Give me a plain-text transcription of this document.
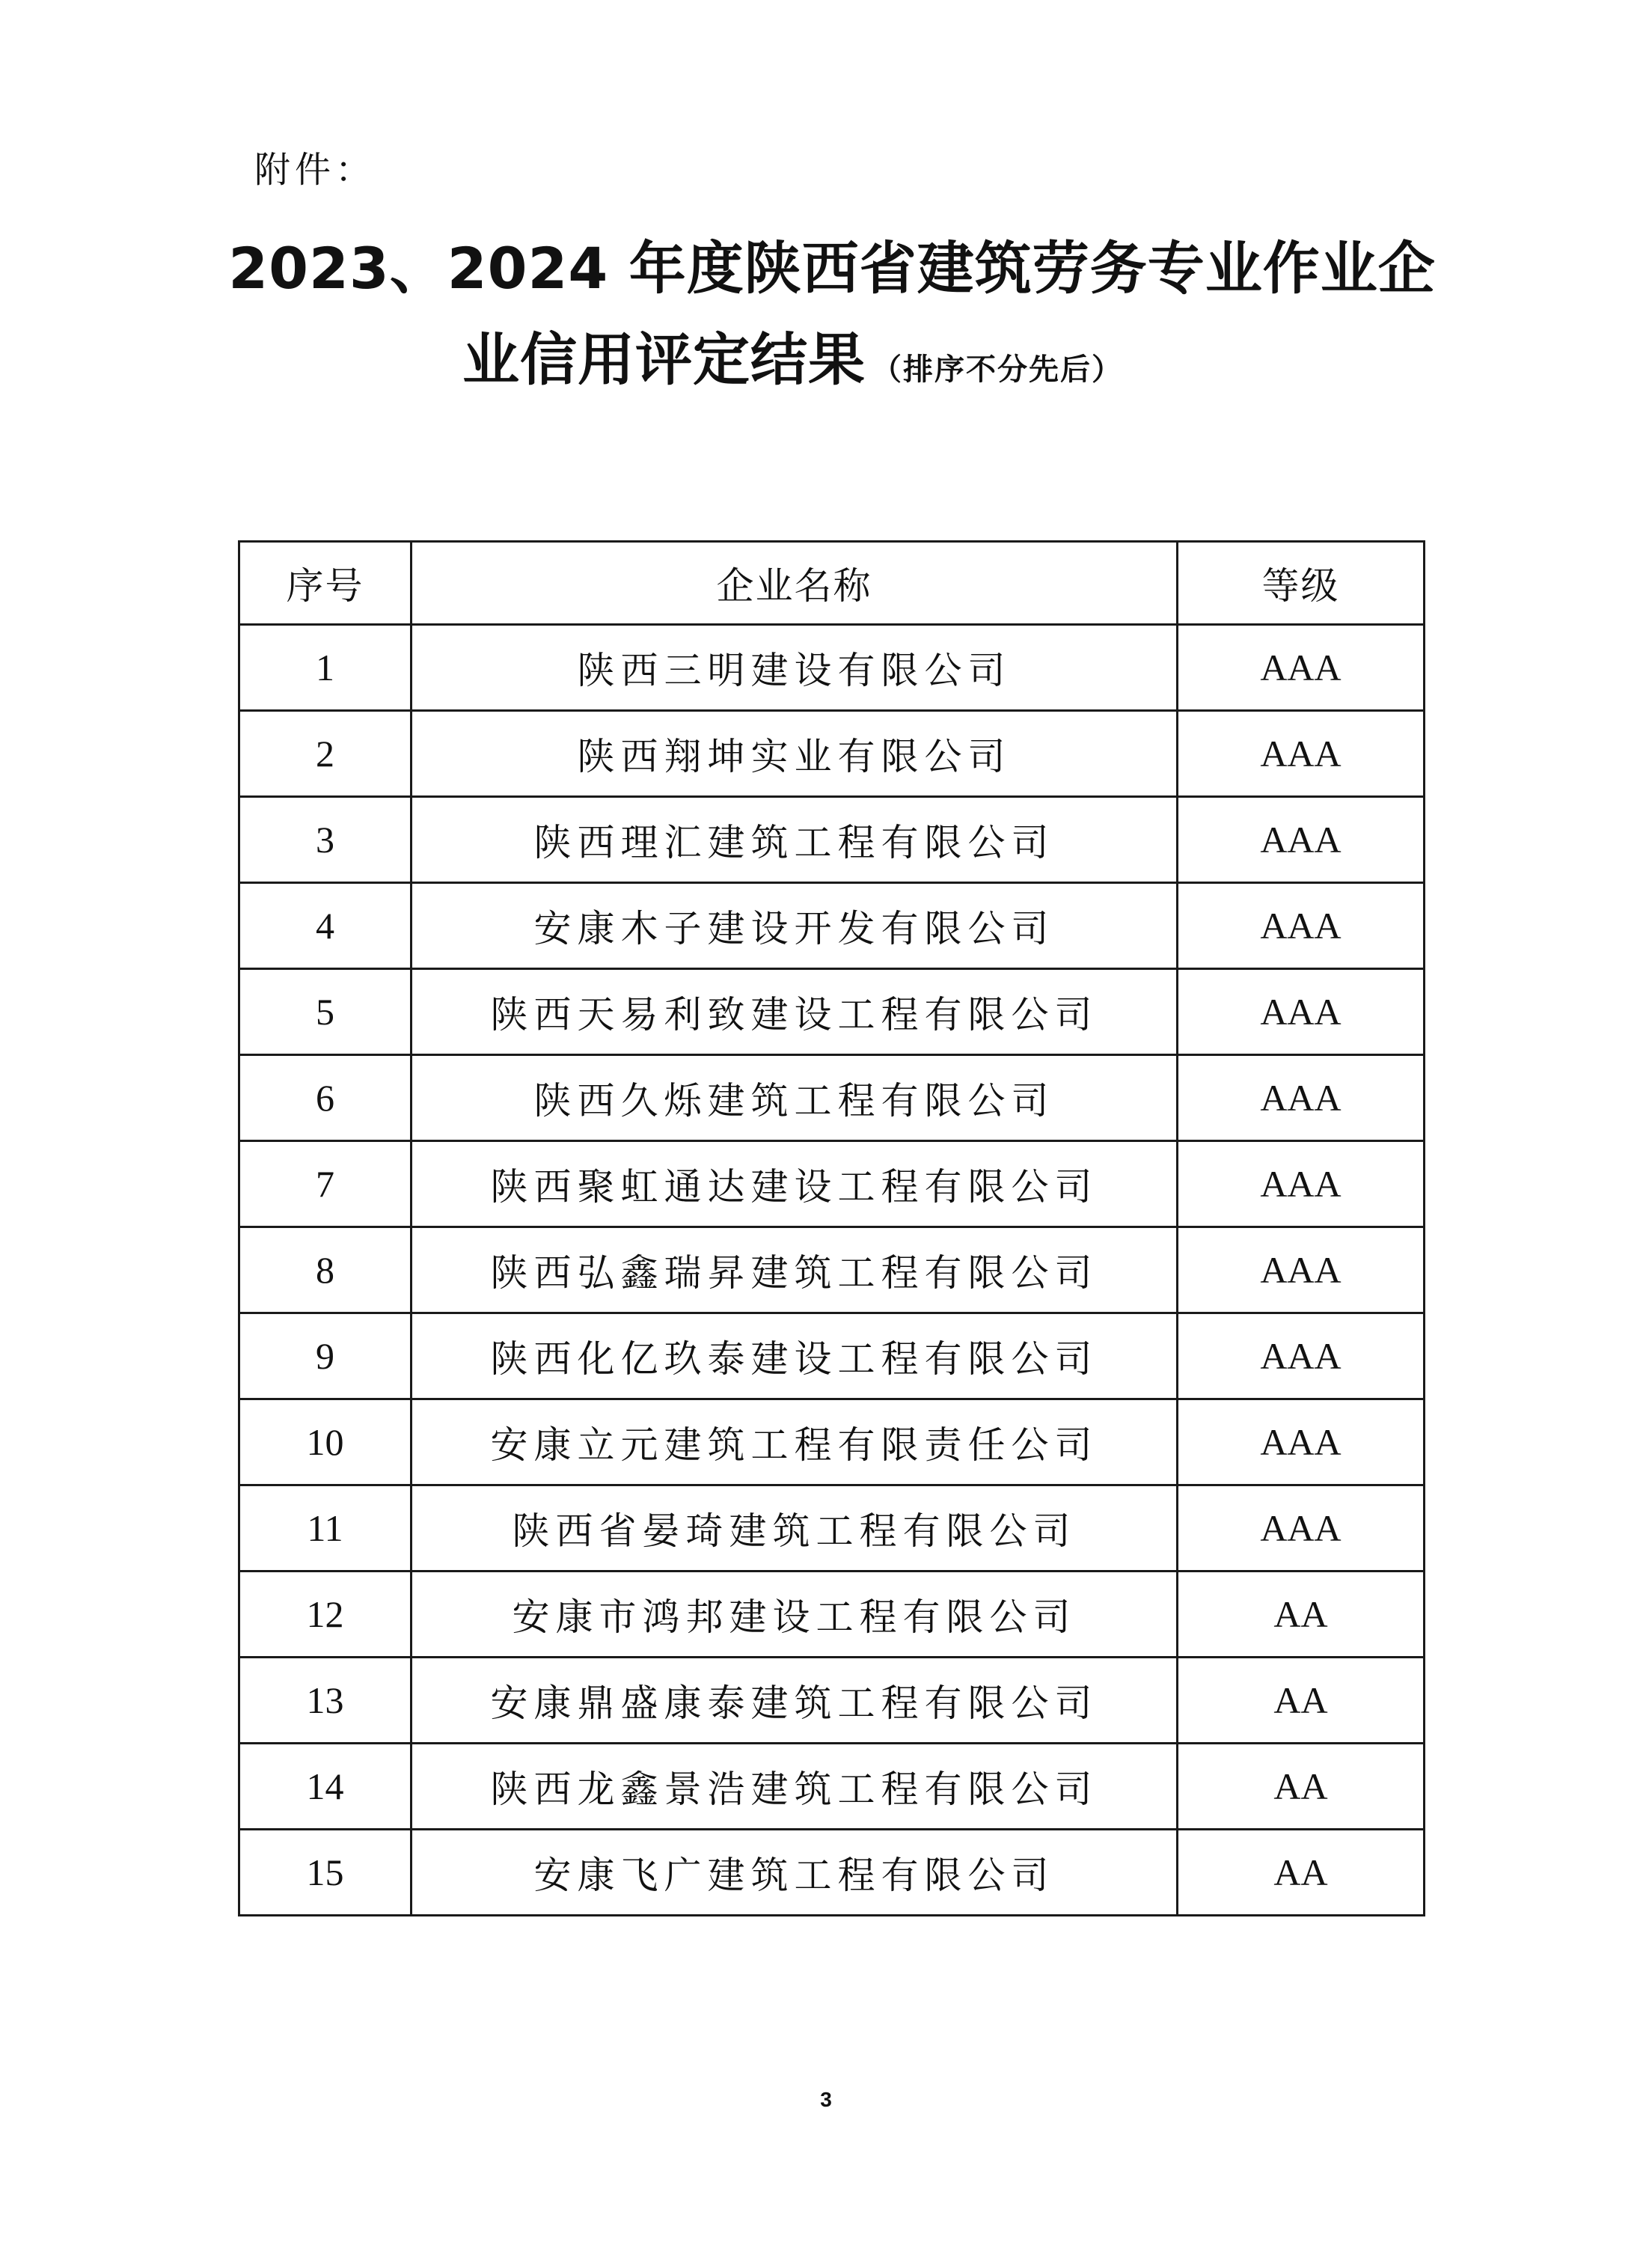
附件：
2023、2024 年度陕西省建筑劳务专业作业企
业信用评定结果 （排序不分先后）
序号	企业名称	等级
1	陕西三明建设有限公司	AAA
2	陕西翔坤实业有限公司	AAA
3	陕西理汇建筑工程有限公司	AAA
4	安康木子建设开发有限公司	AAA
5	陕西天易利致建设工程有限公司	AAA
6	陕西久烁建筑工程有限公司	AAA
7	陕西聚虹通达建设工程有限公司	AAA
8	陕西弘鑫瑞昇建筑工程有限公司	AAA
9	陕西化亿玖泰建设工程有限公司	AAA
10	安康立元建筑工程有限责任公司	AAA
11	陕西省晏琦建筑工程有限公司	AAA
12	安康市鸿邦建设工程有限公司	AA
13	安康鼎盛康泰建筑工程有限公司	AA
14	陕西龙鑫景浩建筑工程有限公司	AA
15	安康飞广建筑工程有限公司	AA
3
